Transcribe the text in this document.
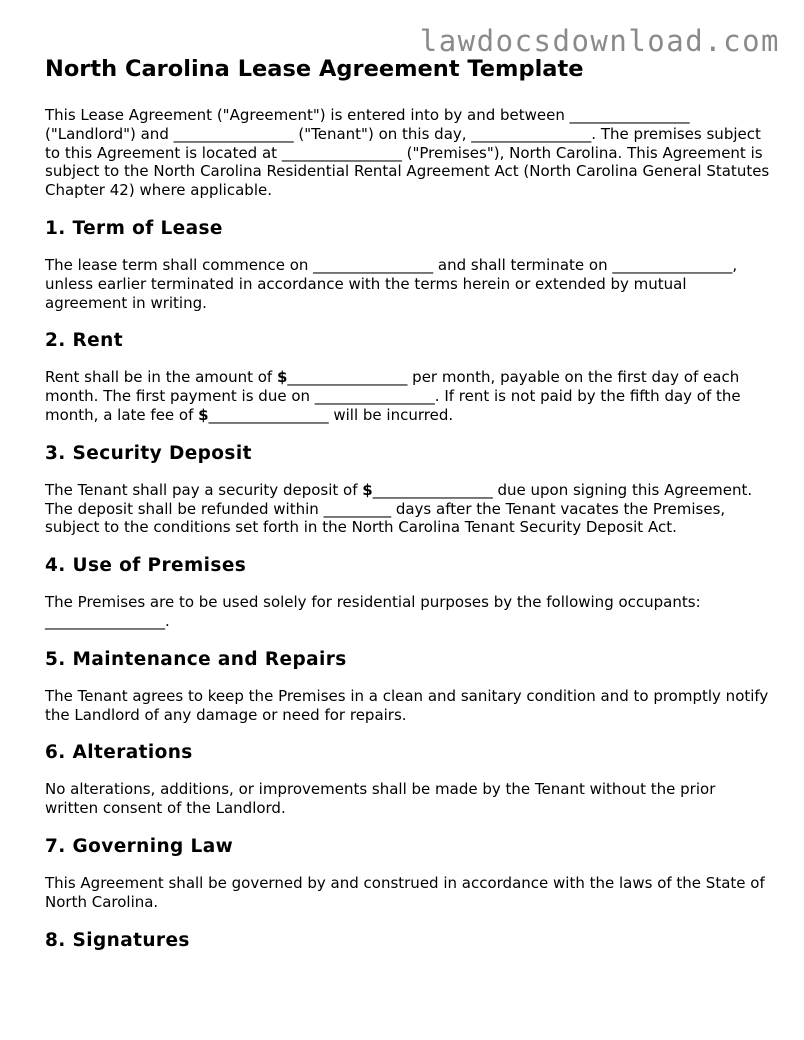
lawdocsdownload.com
North Carolina Lease Agreement Template

This Lease Agreement ("Agreement") is entered into by and between ________________ ("Landlord") and ________________ ("Tenant") on this day, ________________. The premises subject to this Agreement is located at ________________ ("Premises"), North Carolina. This Agreement is subject to the North Carolina Residential Rental Agreement Act (North Carolina General Statutes Chapter 42) where applicable.

1. Term of Lease

The lease term shall commence on ________________ and shall terminate on ________________, unless earlier terminated in accordance with the terms herein or extended by mutual agreement in writing.

2. Rent

Rent shall be in the amount of $________________ per month, payable on the first day of each month. The first payment is due on ________________. If rent is not paid by the fifth day of the month, a late fee of $________________ will be incurred.

3. Security Deposit

The Tenant shall pay a security deposit of $________________ due upon signing this Agreement. The deposit shall be refunded within _________ days after the Tenant vacates the Premises, subject to the conditions set forth in the North Carolina Tenant Security Deposit Act.

4. Use of Premises

The Premises are to be used solely for residential purposes by the following occupants: ________________.

5. Maintenance and Repairs

The Tenant agrees to keep the Premises in a clean and sanitary condition and to promptly notify the Landlord of any damage or need for repairs.

6. Alterations

No alterations, additions, or improvements shall be made by the Tenant without the prior written consent of the Landlord.

7. Governing Law

This Agreement shall be governed by and construed in accordance with the laws of the State of North Carolina.

8. Signatures
